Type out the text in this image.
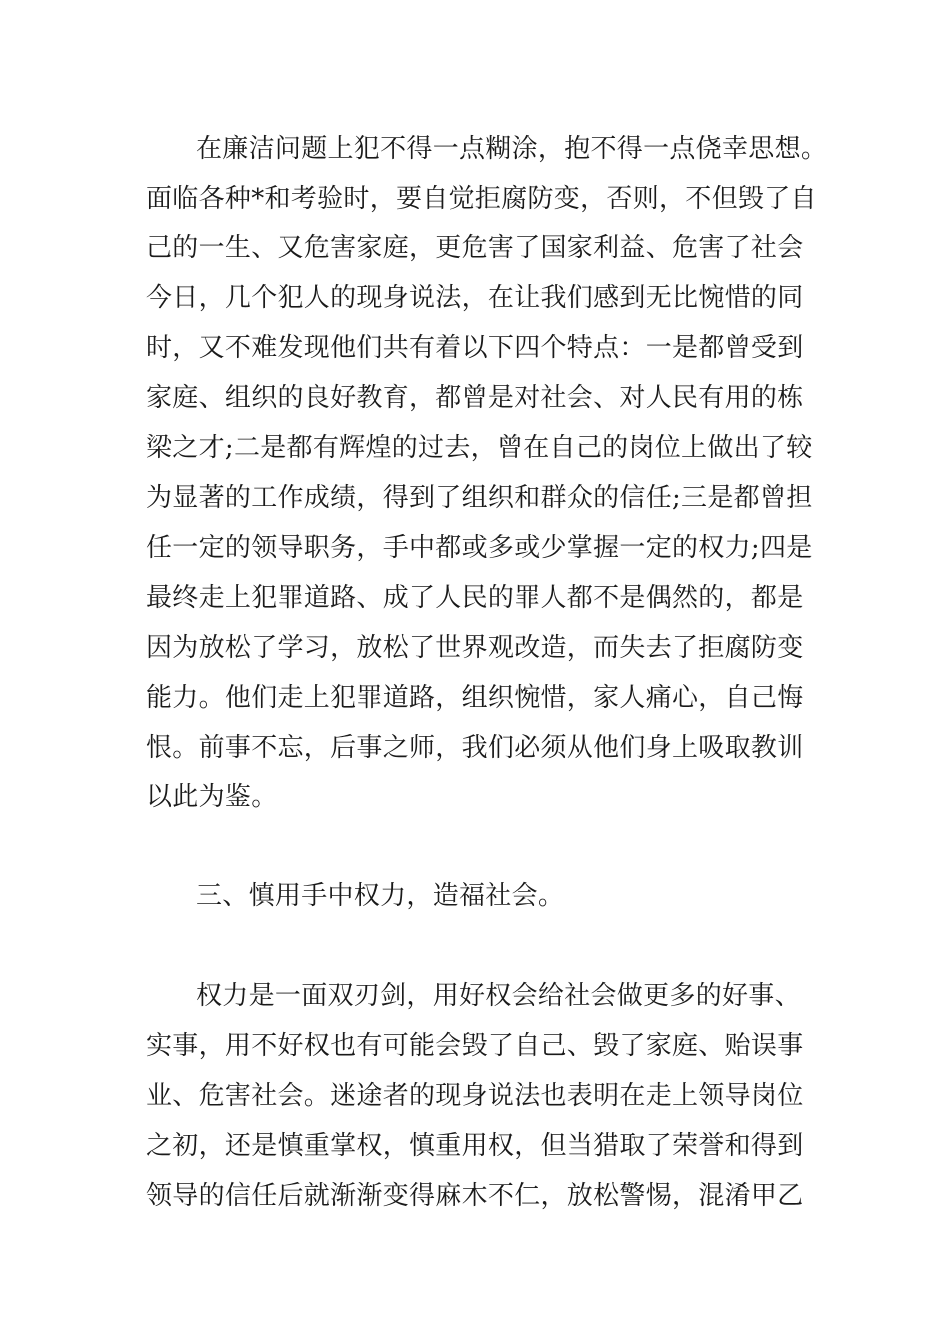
在廉洁问题上犯不得一点糊涂，抱不得一点侥幸思想。
面临各种*和考验时，要自觉拒腐防变，否则，不但毁了自
己的一生、又危害家庭，更危害了国家利益、危害了社会
今日，几个犯人的现身说法，在让我们感到无比惋惜的同
时，又不难发现他们共有着以下四个特点：一是都曾受到
家庭、组织的良好教育，都曾是对社会、对人民有用的栋
梁之才;二是都有辉煌的过去，曾在自己的岗位上做出了较
为显著的工作成绩，得到了组织和群众的信任;三是都曾担
任一定的领导职务，手中都或多或少掌握一定的权力;四是
最终走上犯罪道路、成了人民的罪人都不是偶然的，都是
因为放松了学习，放松了世界观改造，而失去了拒腐防变
能力。他们走上犯罪道路，组织惋惜，家人痛心，自己悔
恨。前事不忘，后事之师，我们必须从他们身上吸取教训
以此为鉴。
三、慎用手中权力，造福社会。
权力是一面双刃剑，用好权会给社会做更多的好事、
实事，用不好权也有可能会毁了自己、毁了家庭、贻误事
业、危害社会。迷途者的现身说法也表明在走上领导岗位
之初，还是慎重掌权，慎重用权，但当猎取了荣誉和得到
领导的信任后就渐渐变得麻木不仁，放松警惕，混淆甲乙
